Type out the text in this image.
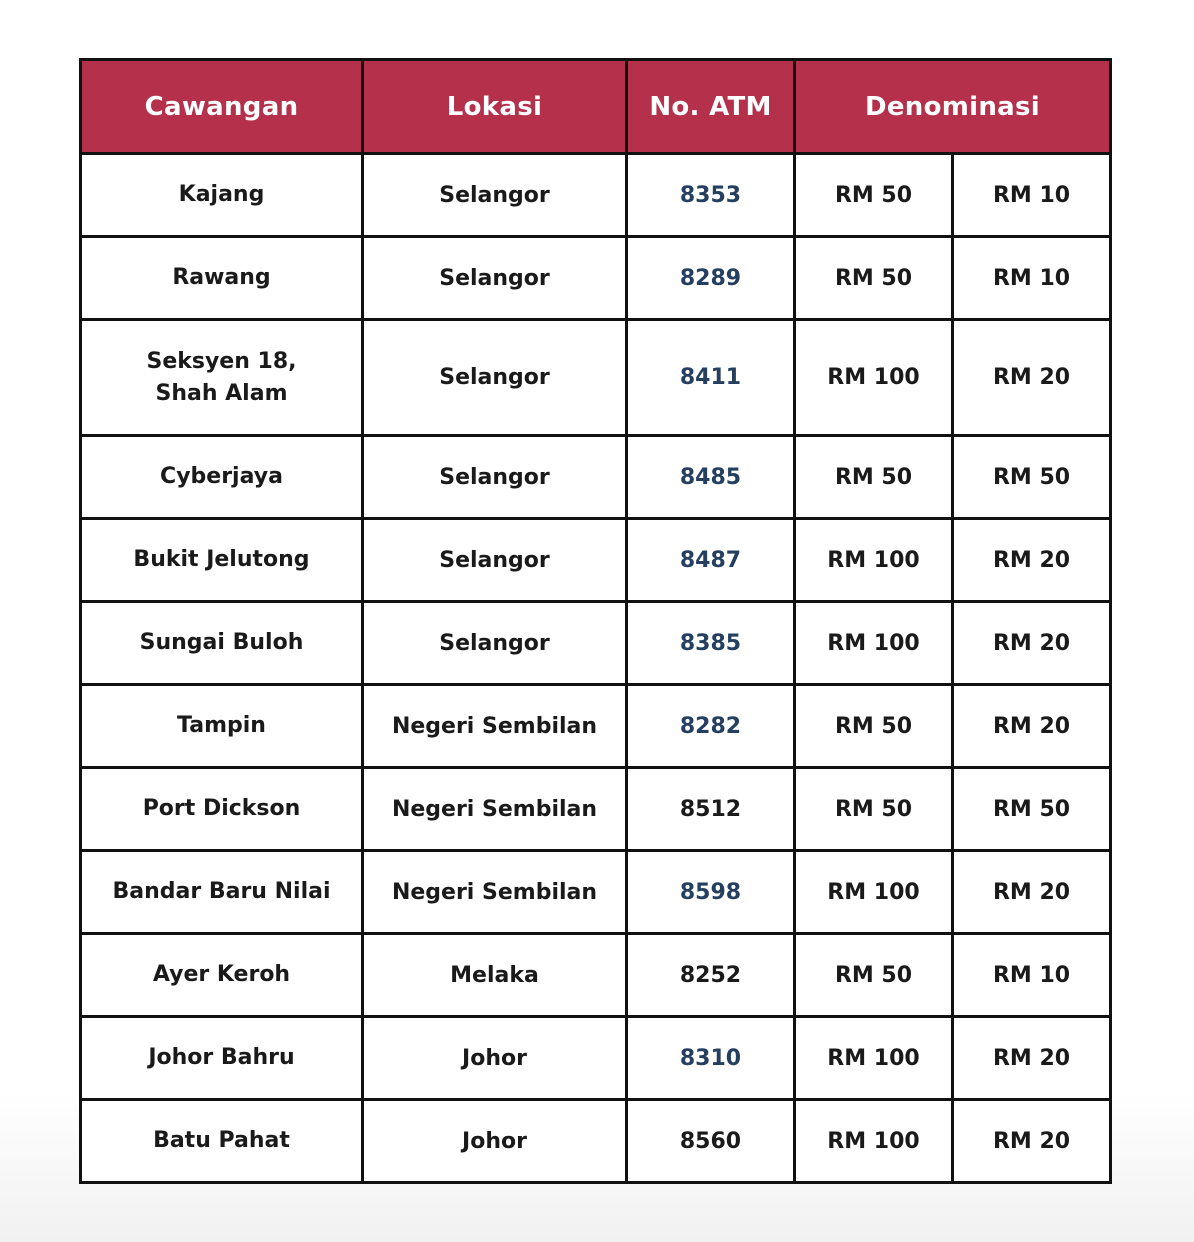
Cawangan	Lokasi	No. ATM	Denominasi	
Kajang	Selangor	8353	RM 50	RM 10
Rawang	Selangor	8289	RM 50	RM 10
Seksyen 18, Shah Alam	Selangor	8411	RM 100	RM 20
Cyberjaya	Selangor	8485	RM 50	RM 50
Bukit Jelutong	Selangor	8487	RM 100	RM 20
Sungai Buloh	Selangor	8385	RM 100	RM 20
Tampin	Negeri Sembilan	8282	RM 50	RM 20
Port Dickson	Negeri Sembilan	8512	RM 50	RM 50
Bandar Baru Nilai	Negeri Sembilan	8598	RM 100	RM 20
Ayer Keroh	Melaka	8252	RM 50	RM 10
Johor Bahru	Johor	8310	RM 100	RM 20
Batu Pahat	Johor	8560	RM 100	RM 20
